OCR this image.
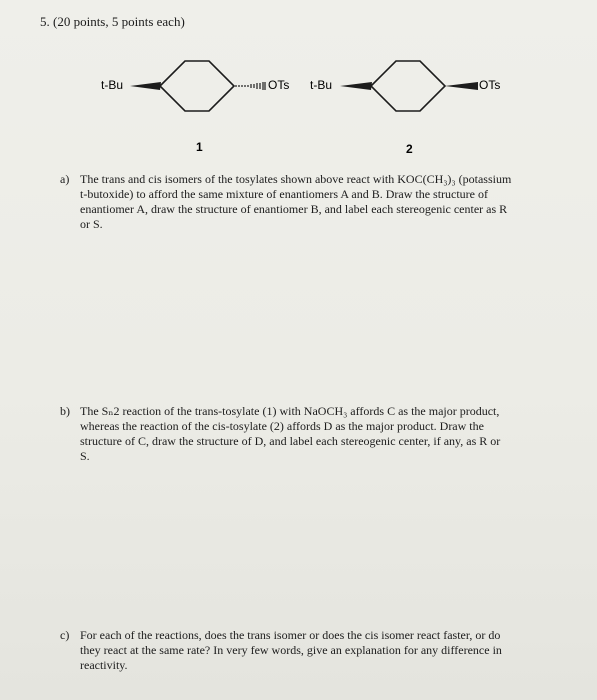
5. (20 points, 5 points each)
t-Bu	OTs
1
t-Bu	OTs
2
a) The trans and cis isomers of the tosylates shown above react with KOC(CH₃)₃ (potassium
t-butoxide) to afford the same mixture of enantiomers A and B. Draw the structure of
enantiomer A, draw the structure of enantiomer B, and label each stereogenic center as R
or S.
b) The Sₙ2 reaction of the trans-tosylate (1) with NaOCH₃ affords C as the major product,
whereas the reaction of the cis-tosylate (2) affords D as the major product. Draw the
structure of C, draw the structure of D, and label each stereogenic center, if any, as R or
S.
c) For each of the reactions, does the trans isomer or does the cis isomer react faster, or do
they react at the same rate? In very few words, give an explanation for any difference in
reactivity.
